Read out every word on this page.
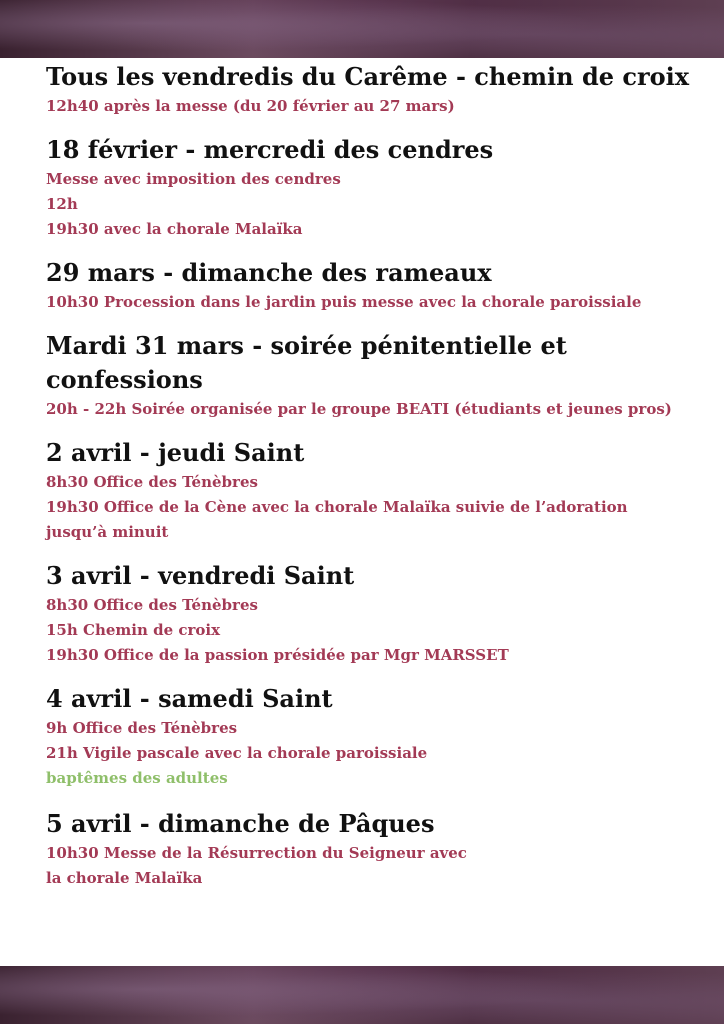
Tous les vendredis du Carême - chemin de croix

12h40 après la messe (du 20 février au 27 mars)

18 février - mercredi des cendres

Messe avec imposition des cendres

12h

19h30 avec la chorale Malaïka

29 mars - dimanche des rameaux

10h30 Procession dans le jardin puis messe avec la chorale paroissiale

Mardi 31 mars - soirée pénitentielle et

confessions

20h - 22h Soirée organisée par le groupe BEATI (étudiants et jeunes pros)

2 avril - jeudi Saint

8h30 Office des Ténèbres

19h30 Office de la Cène avec la chorale Malaïka suivie de l’adoration

jusqu’à minuit

3 avril - vendredi Saint

8h30 Office des Ténèbres

15h Chemin de croix

19h30 Office de la passion présidée par Mgr MARSSET

4 avril - samedi Saint

9h Office des Ténèbres

21h Vigile pascale avec la chorale paroissiale

baptêmes des adultes

5 avril - dimanche de Pâques

10h30 Messe de la Résurrection du Seigneur avec

la chorale Malaïka
